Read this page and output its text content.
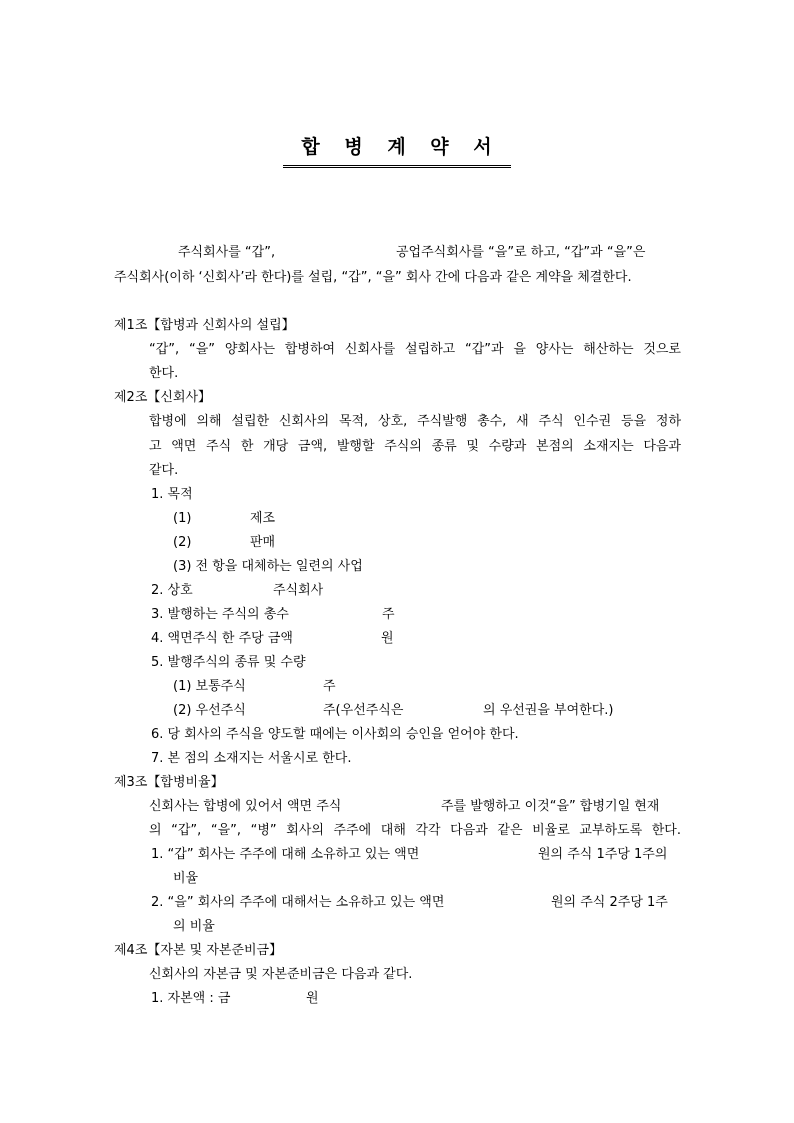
합 병 계 약 서
주식회사를 “갑”,	공업주식회사를 “을”로 하고, “갑”과 “을”은
주식회사(이하 ‘신회사’라 한다)를 설립, “갑”, “을” 회사 간에 다음과 같은 계약을 체결한다.
제1조【합병과 신회사의 설립】
“갑”, “을” 양회사는 합병하여 신회사를 설립하고 “갑”과 을 양사는 해산하는 것으로
한다.
제2조【신회사】
합병에 의해 설립한 신회사의 목적, 상호, 주식발행 총수, 새 주식 인수권 등을 정하
고 액면 주식 한 개당 금액, 발행할 주식의 종류 및 수량과 본점의 소재지는 다음과
같다.
1. 목적
(1)	제조
(2)	판매
(3) 전 항을 대체하는 일련의 사업
2. 상호	주식회사
3. 발행하는 주식의 총수	주
4. 액면주식 한 주당 금액	원
5. 발행주식의 종류 및 수량
(1) 보통주식	주
(2) 우선주식	주(우선주식은	의 우선권을 부여한다.)
6. 당 회사의 주식을 양도할 때에는 이사회의 승인을 얻어야 한다.
7. 본 점의 소재지는 서울시로 한다.
제3조【합병비율】
신회사는 합병에 있어서 액면 주식	주를 발행하고 이것“을” 합병기일 현재
의 “갑”, “을”, “병” 회사의 주주에 대해 각각 다음과 같은 비율로 교부하도록 한다.
1. “갑” 회사는 주주에 대해 소유하고 있는 액면	원의 주식 1주당 1주의
비율
2. “을” 회사의 주주에 대해서는 소유하고 있는 액면	원의 주식 2주당 1주
의 비율
제4조【자본 및 자본준비금】
신회사의 자본금 및 자본준비금은 다음과 같다.
1. 자본액 : 금	원
